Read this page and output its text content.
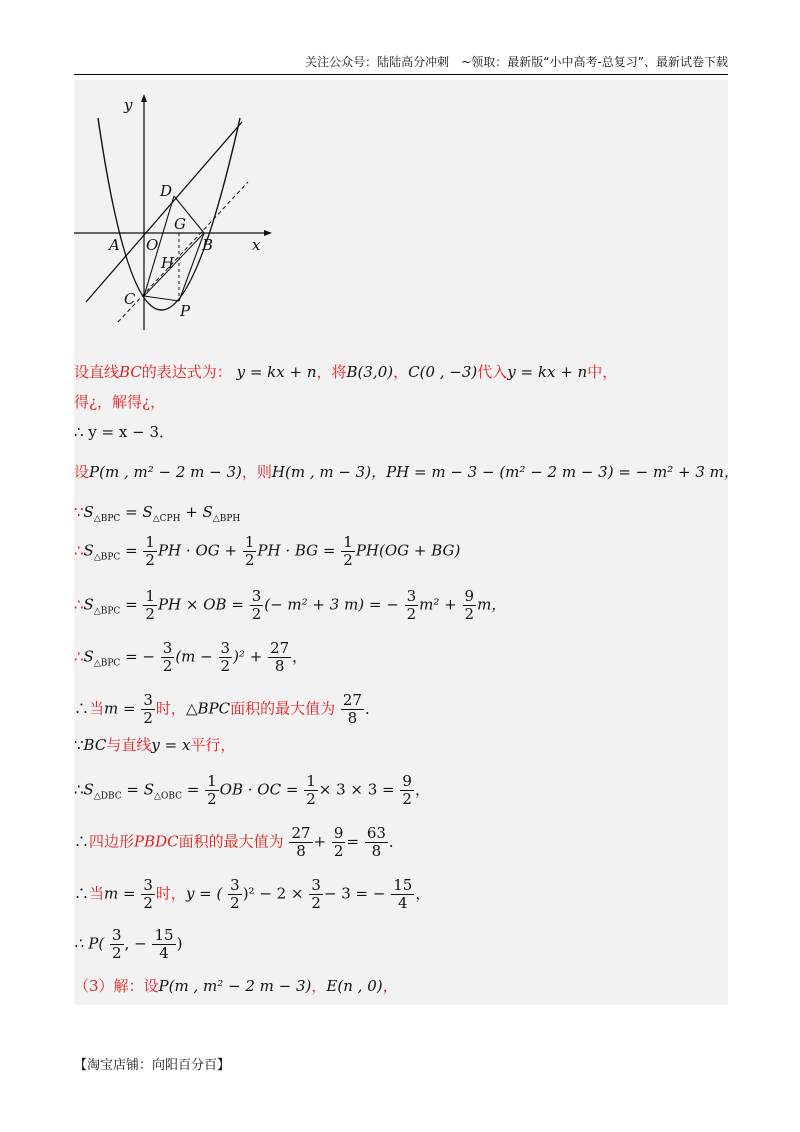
关注公众号：陆陆高分冲刺　~领取：最新版“小中高考-总复习”、最新试卷下载
y
x
A O	B
C
D
G
H
P
设直线BC的表达式为： y = kx + n，将B(3,0)，C(0 , −3)代入y = kx + n中，
得¿，解得¿，
∴ y = x − 3．
设P(m , m² − 2 m − 3)，则H(m , m − 3)，PH = m − 3 − (m² − 2 m − 3) = − m² + 3 m，
$\because S_{\triangle BPC} = S_{\triangle CPH} + S_{\triangle BPH}$
$\therefore S_{\triangle BPC} = \frac{1}{2}$ PH · OG + $\frac{1}{2}$ PH · BG = $\frac{1}{2} PH(OG + BG)$
$\therefore S_{\triangle BPC} = \frac{1}{2}$ PH × OB = $\frac{3}{2}$ (− m² + 3 m) = − $\frac{3}{2} m^2 + \frac{9}{2}$ m，
$\therefore S_{\triangle BPC}$ = − $\frac{3}{2} (m - \frac{3}{2} )^2 + \frac{27}{8}$ ，
∴当$m = \frac{3}{2}$ 时，△BPC面积的最大值为 $\frac{27}{8}$ ．
∵BC与直线y = x平行，
$\therefore S_{\triangle DBC} = S_{\triangle OBC} = \frac{1}{2}$ OB · OC = $\frac{1}{2} \times 3 \times 3 = \frac{9}{2}$ ，
∴四边形PBDC面积的最大值为 $\frac{27}{8} + \frac{9}{2} = \frac{63}{8}$ ．
∴当$m = \frac{3}{2}$ 时，y = ( $\frac{3}{2} )^2 - 2 \times \frac{3}{2} - 3$ = − $\frac{15}{4}$ ，
∴ $P( \frac{3}{2}$ , − $\frac{15}{4}$ )
（3）解：设P(m , m² − 2 m − 3)，E(n , 0)，
【淘宝店铺：向阳百分百】
